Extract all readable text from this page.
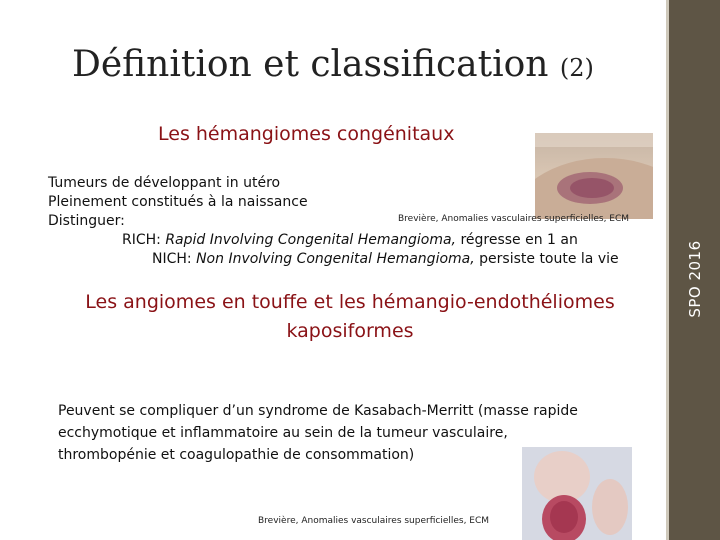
Définition et classification (2)
Les hémangiomes congénitaux
Tumeurs de développant in utéro
Pleinement constitués à la naissance
Distinguer:
RICH: Rapid Involving Congenital Hemangioma, régresse en 1 an
NICH: Non Involving Congenital Hemangioma, persiste toute la vie
Brevière, Anomalies vasculaires superficielles, ECM
Les angiomes en touffe et les hémangio-endothéliomes kaposiformes
Peuvent se compliquer d’un syndrome de Kasabach-Merritt (masse rapide
ecchymotique et inflammatoire au sein de la tumeur vasculaire,
thrombopénie et coagulopathie de consommation)
Brevière, Anomalies vasculaires superficielles, ECM
SPO 2016
